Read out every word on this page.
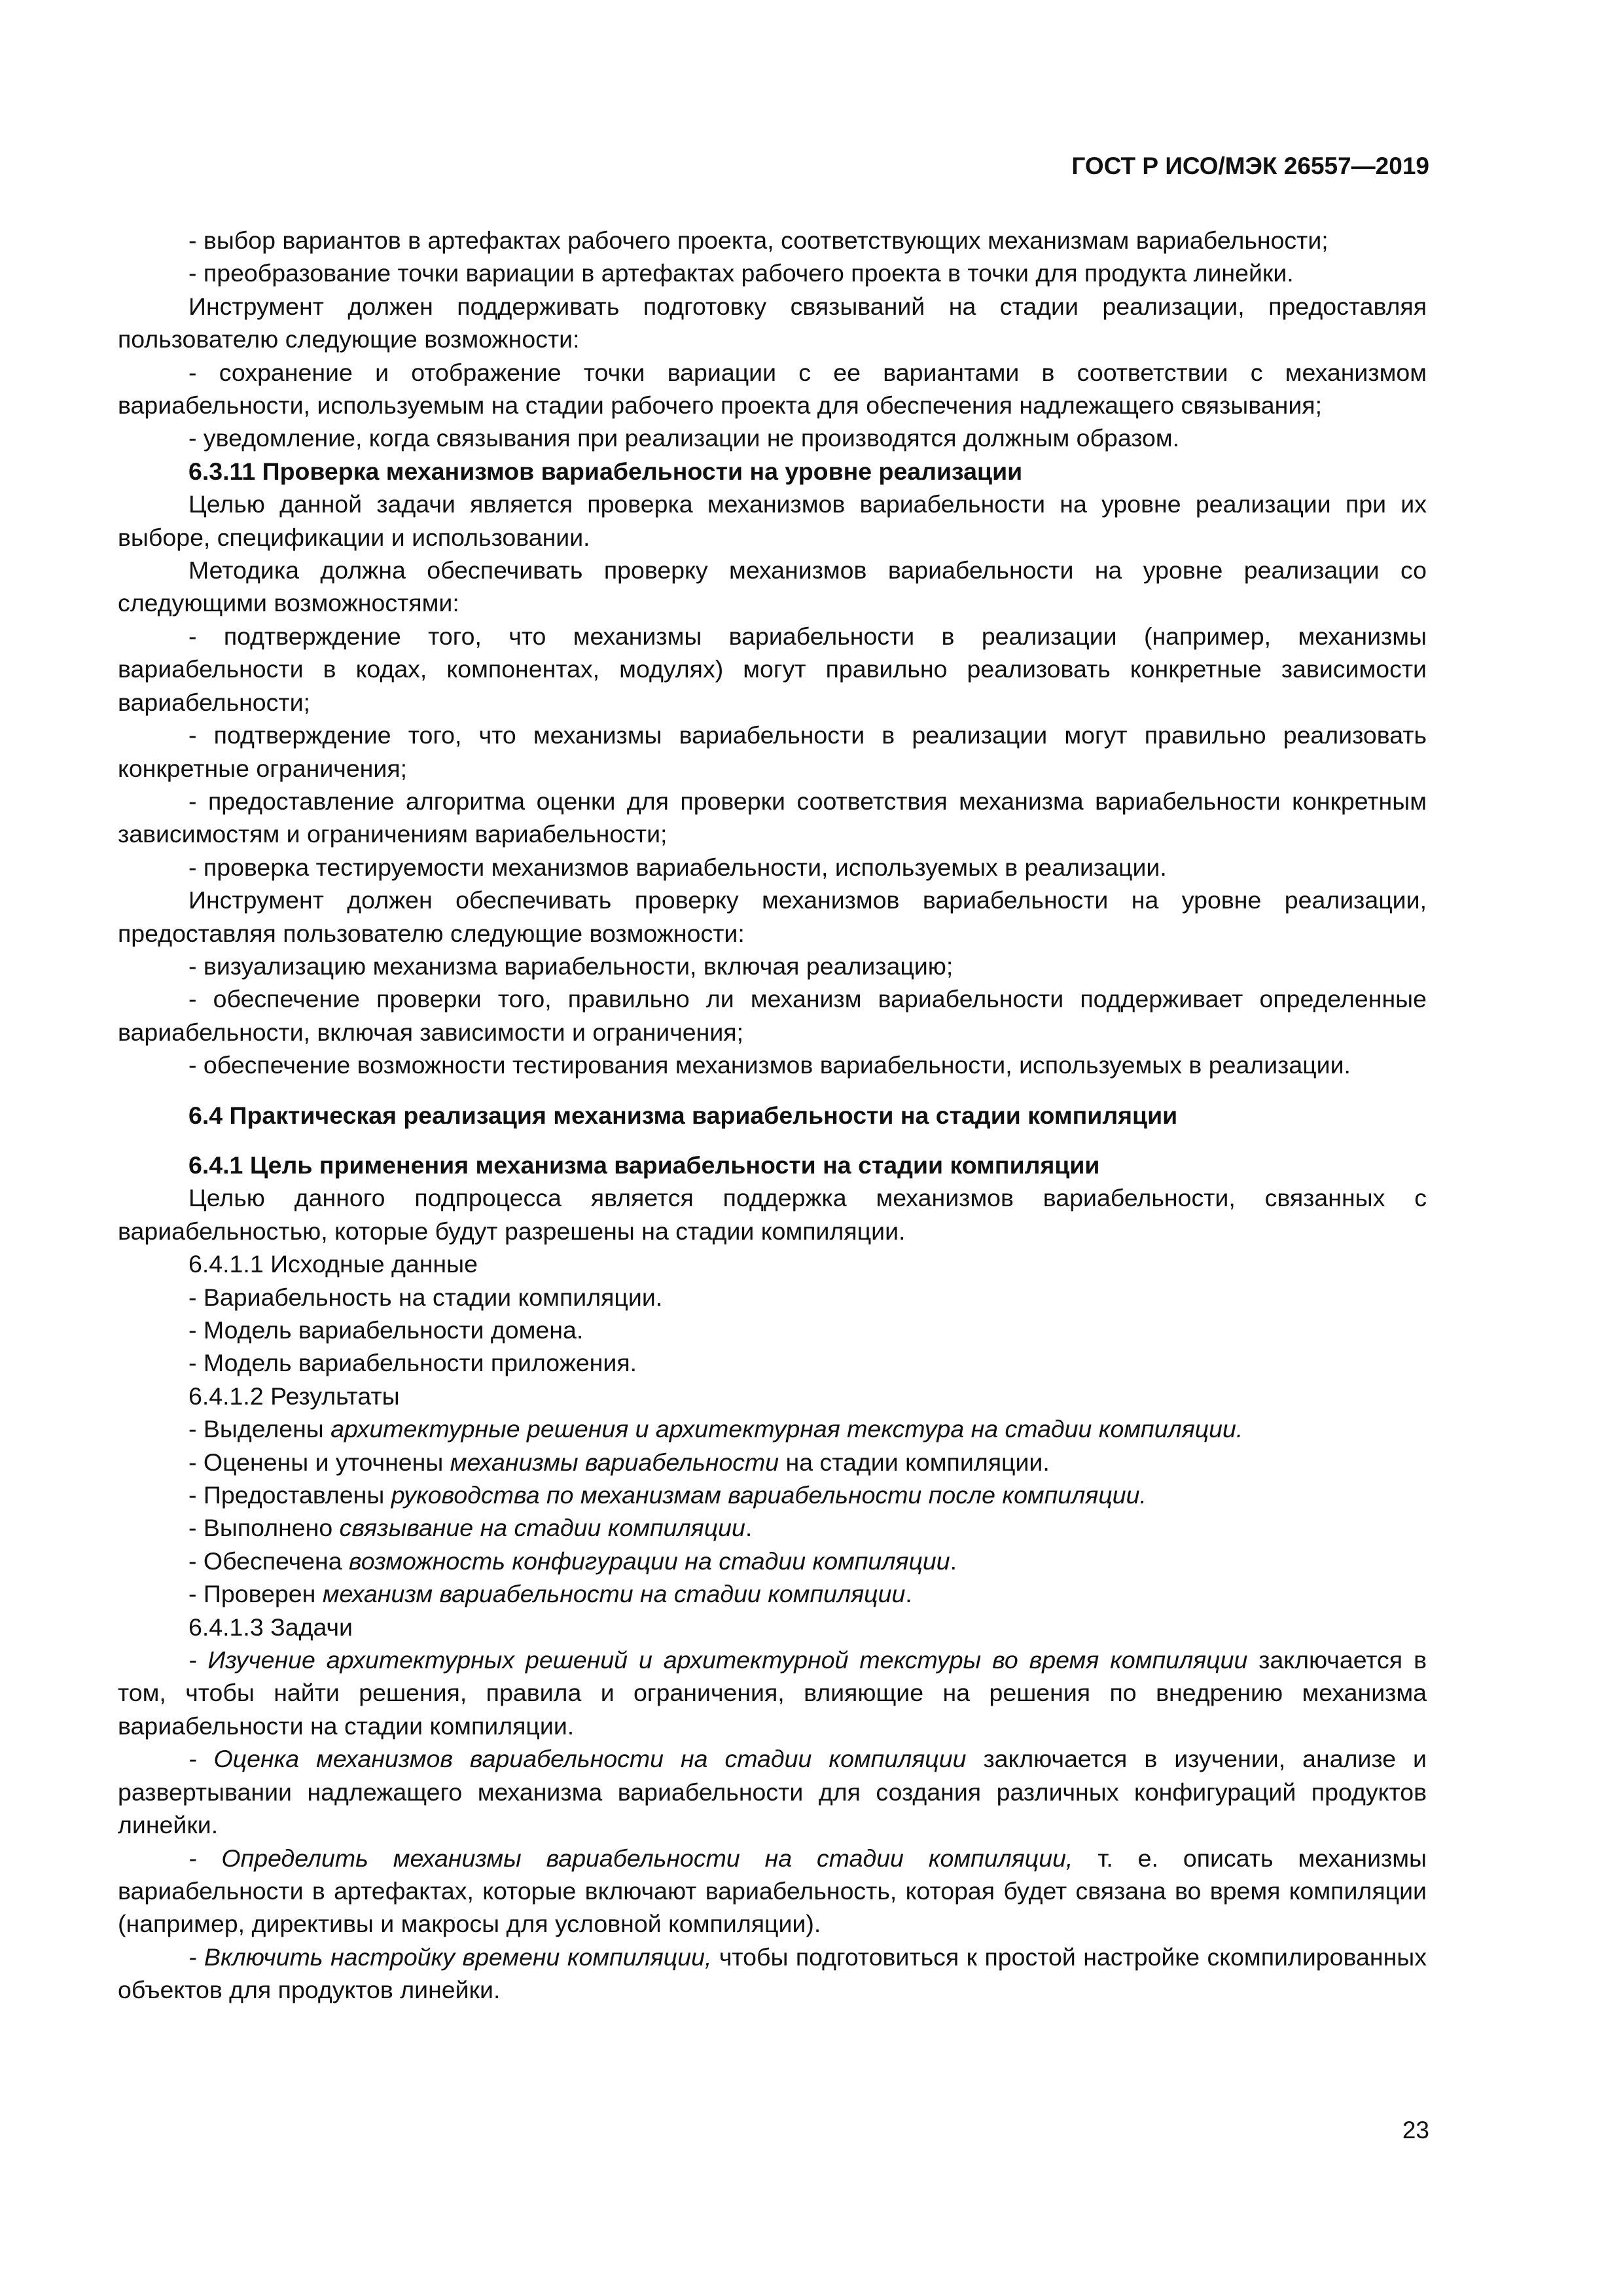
ГОСТ Р ИСО/МЭК 26557—2019

- выбор вариантов в артефактах рабочего проекта, соответствующих механизмам вариабельности;

- преобразование точки вариации в артефактах рабочего проекта в точки для продукта линейки.

Инструмент должен поддерживать подготовку связываний на стадии реализации, предоставляя пользователю следующие возможности:

- сохранение и отображение точки вариации с ее вариантами в соответствии с механизмом вариабельности, используемым на стадии рабочего проекта для обеспечения надлежащего связывания;

- уведомление, когда связывания при реализации не производятся должным образом.

6.3.11 Проверка механизмов вариабельности на уровне реализации

Целью данной задачи является проверка механизмов вариабельности на уровне реализации при их выборе, спецификации и использовании.

Методика должна обеспечивать проверку механизмов вариабельности на уровне реализации со следующими возможностями:

- подтверждение того, что механизмы вариабельности в реализации (например, механизмы вариабельности в кодах, компонентах, модулях) могут правильно реализовать конкретные зависимости вариабельности;

- подтверждение того, что механизмы вариабельности в реализации могут правильно реализовать конкретные ограничения;

- предоставление алгоритма оценки для проверки соответствия механизма вариабельности конкретным зависимостям и ограничениям вариабельности;

- проверка тестируемости механизмов вариабельности, используемых в реализации.

Инструмент должен обеспечивать проверку механизмов вариабельности на уровне реализации, предоставляя пользователю следующие возможности:

- визуализацию механизма вариабельности, включая реализацию;

- обеспечение проверки того, правильно ли механизм вариабельности поддерживает определенные вариабельности, включая зависимости и ограничения;

- обеспечение возможности тестирования механизмов вариабельности, используемых в реализации.

6.4 Практическая реализация механизма вариабельности на стадии компиляции
6.4.1 Цель применения механизма вариабельности на стадии компиляции

Целью данного подпроцесса является поддержка механизмов вариабельности, связанных с вариабельностью, которые будут разрешены на стадии компиляции.

6.4.1.1 Исходные данные

- Вариабельность на стадии компиляции.

- Модель вариабельности домена.

- Модель вариабельности приложения.

6.4.1.2 Результаты

- Выделены архитектурные решения и архитектурная текстура на стадии компиляции.

- Оценены и уточнены механизмы вариабельности на стадии компиляции.

- Предоставлены руководства по механизмам вариабельности после компиляции.

- Выполнено связывание на стадии компиляции.

- Обеспечена возможность конфигурации на стадии компиляции.

- Проверен механизм вариабельности на стадии компиляции.

6.4.1.3 Задачи

- Изучение архитектурных решений и архитектурной текстуры во время компиляции заключается в том, чтобы найти решения, правила и ограничения, влияющие на решения по внедрению механизма вариабельности на стадии компиляции.

- Оценка механизмов вариабельности на стадии компиляции заключается в изучении, анализе и развертывании надлежащего механизма вариабельности для создания различных конфигураций продуктов линейки.

- Определить механизмы вариабельности на стадии компиляции, т. е. описать механизмы вариабельности в артефактах, которые включают вариабельность, которая будет связана во время компиляции (например, директивы и макросы для условной компиляции).

- Включить настройку времени компиляции, чтобы подготовиться к простой настройке скомпилированных объектов для продуктов линейки.

23
